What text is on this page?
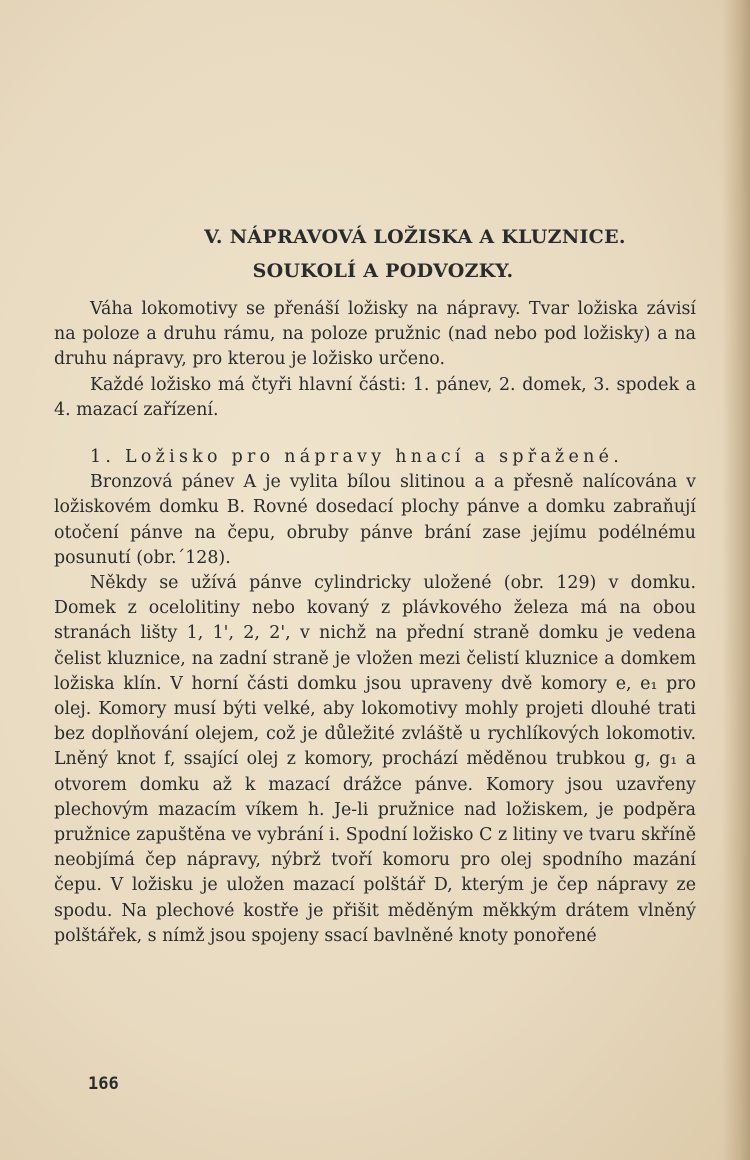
V. NÁPRAVOVÁ LOŽISKA A KLUZNICE.
SOUKOLÍ A PODVOZKY.

Váha lokomotivy se přenáší ložisky na nápravy. Tvar ložiska závisí na poloze a druhu rámu, na poloze pružnic (nad nebo pod ložisky) a na druhu nápravy, pro kterou je ložisko určeno.

Každé ložisko má čtyři hlavní části: 1. pánev, 2. domek, 3. spodek a 4. mazací zařízení.

1. Ložisko pro nápravy hnací a spřažené.

Bronzová pánev A je vylita bílou slitinou a a přesně nalícována v ložiskovém domku B. Rovné dosedací plochy pánve a domku zabraňují otočení pánve na čepu, obruby pánve brání zase jejímu podélnému posunutí (obr.´128).

Někdy se užívá pánve cylindricky uložené (obr. 129) v domku. Domek z ocelolitiny nebo kovaný z plávkového železa má na obou stranách lišty 1, 1', 2, 2', v nichž na přední straně domku je vedena čelist kluznice, na zadní straně je vložen mezi čelistí kluznice a domkem ložiska klín. V horní části domku jsou upraveny dvě komory e, e₁ pro olej. Komory musí býti velké, aby lokomotivy mohly projeti dlouhé trati bez doplňování olejem, což je důležité zvláště u rychlíkových lokomotiv. Lněný knot f, ssající olej z komory, prochází měděnou trubkou g, g₁ a otvorem domku až k mazací drážce pánve. Komory jsou uzavřeny plechovým mazacím víkem h. Je-li pružnice nad ložiskem, je podpěra pružnice zapuštěna ve vybrání i. Spodní ložisko C z litiny ve tvaru skříně neobjímá čep nápravy, nýbrž tvoří komoru pro olej spodního mazání čepu. V ložisku je uložen mazací polštář D, kterým je čep nápravy ze spodu. Na plechové kostře je přišit měděným měkkým drátem vlněný polštářek, s nímž jsou spojeny ssací bavlněné knoty ponořené

166
